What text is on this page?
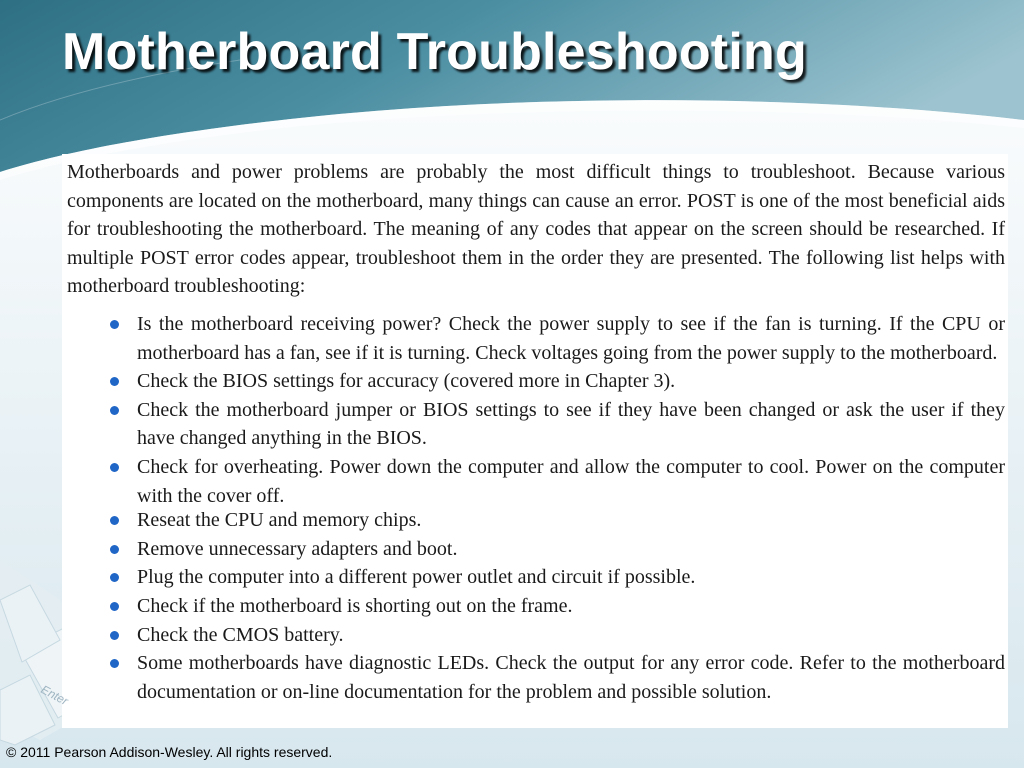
Motherboard Troubleshooting

Motherboards and power problems are probably the most difficult things to troubleshoot. Because various components are located on the motherboard, many things can cause an error. POST is one of the most beneficial aids for troubleshooting the motherboard. The meaning of any codes that appear on the screen should be researched. If multiple POST error codes appear, troubleshoot them in the order they are presented. The following list helps with motherboard troubleshooting:

Is the motherboard receiving power? Check the power supply to see if the fan is turning. If the CPU or motherboard has a fan, see if it is turning. Check voltages going from the power supply to the motherboard.
Check the BIOS settings for accuracy (covered more in Chapter 3).
Check the motherboard jumper or BIOS settings to see if they have been changed or ask the user if they have changed anything in the BIOS.
Check for overheating. Power down the computer and allow the computer to cool. Power on the computer with the cover off.
Reseat the CPU and memory chips.
Remove unnecessary adapters and boot.
Plug the computer into a different power outlet and circuit if possible.
Check if the motherboard is shorting out on the frame.
Check the CMOS battery.
Some motherboards have diagnostic LEDs. Check the output for any error code. Refer to the motherboard documentation or on-line documentation for the problem and possible solution.
Enter
© 2011 Pearson Addison-Wesley. All rights reserved.
